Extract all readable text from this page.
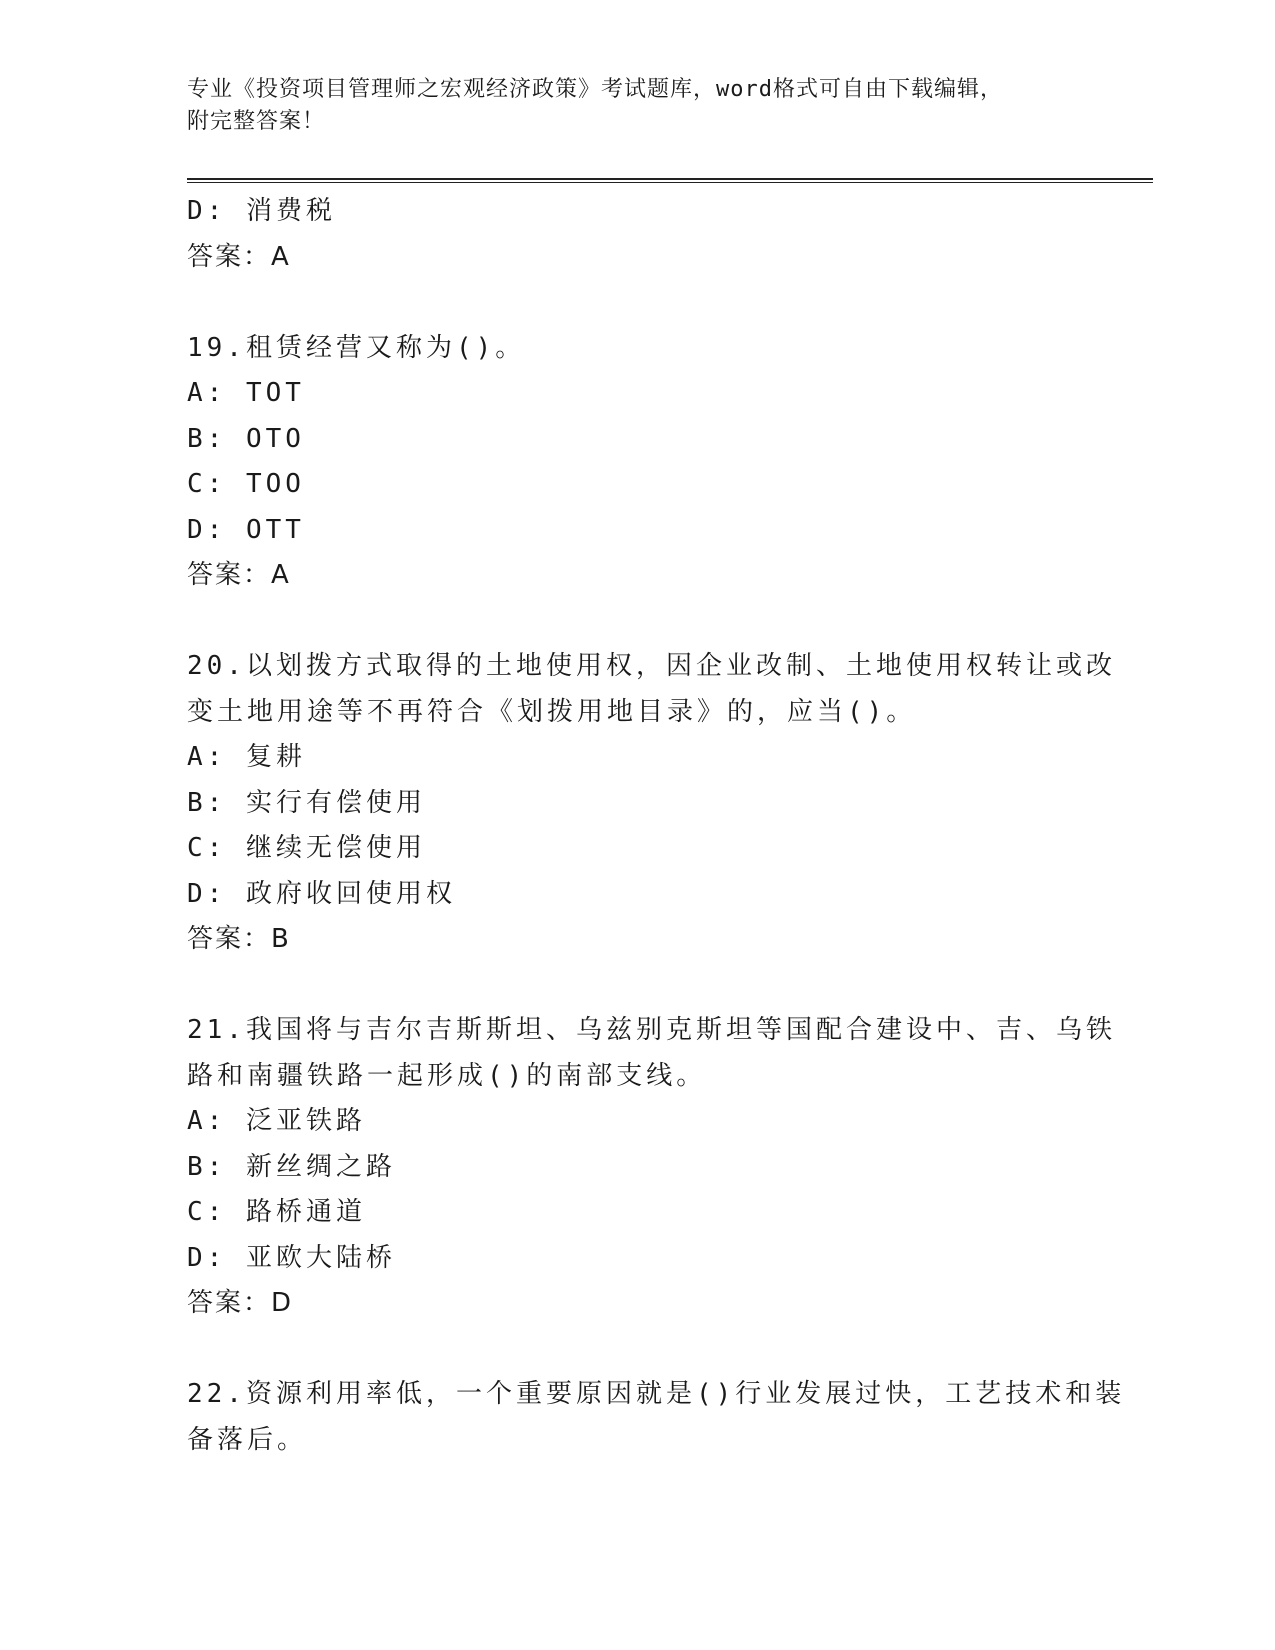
专业《投资项目管理师之宏观经济政策》考试题库，word格式可自由下载编辑，
附完整答案！
D: 消费税
答案：A
19.租赁经营又称为()。
A: TOT
B: OTO
C: TOO
D: OTT
答案：A
20.以划拨方式取得的土地使用权，因企业改制、土地使用权转让或改
变土地用途等不再符合《划拨用地目录》的，应当()。
A: 复耕
B: 实行有偿使用
C: 继续无偿使用
D: 政府收回使用权
答案：B
21.我国将与吉尔吉斯斯坦、乌兹别克斯坦等国配合建设中、吉、乌铁
路和南疆铁路一起形成()的南部支线。
A: 泛亚铁路
B: 新丝绸之路
C: 路桥通道
D: 亚欧大陆桥
答案：D
22.资源利用率低，一个重要原因就是()行业发展过快，工艺技术和装
备落后。
